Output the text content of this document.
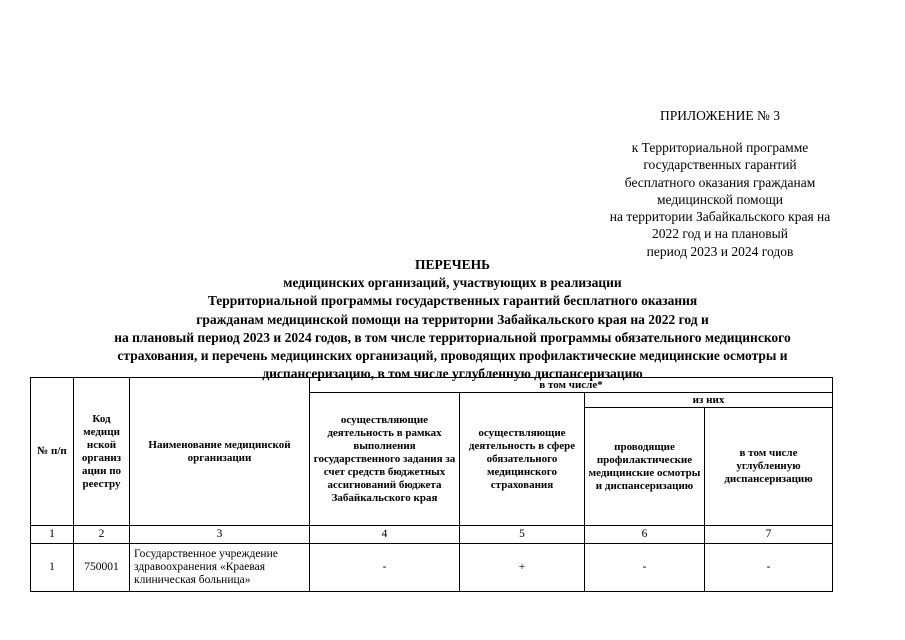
ПРИЛОЖЕНИЕ № 3
к Территориальной программе
государственных гарантий
бесплатного оказания гражданам
медицинской помощи
на территории Забайкальского края на
2022 год и на плановый
период 2023 и 2024 годов
ПЕРЕЧЕНЬ
медицинских организаций, участвующих в реализации
Территориальной программы государственных гарантий бесплатного оказания
гражданам медицинской помощи на территории Забайкальского края на 2022 год и
на плановый период 2023 и 2024 годов, в том числе территориальной программы обязательного медицинского
страхования, и перечень медицинских организаций, проводящих профилактические медицинские осмотры и
диспансеризацию, в том числе углубленную диспансеризацию
№ п/п	Код медици нской организ ации по реестру	Наименование медицинской организации	в том числе*			
			осуществляющие деятельность в рамках выполнения государственного задания за счет средств бюджетных ассигнований бюджета Забайкальского края	осуществляющие деятельность в сфере обязательного медицинского страхования	из них	
					проводящие профилактические медицинские осмотры и диспансеризацию	в том числе углубленную диспансеризацию
1	2	3	4	5	6	7
1	750001	Государственное учреждение здравоохранения «Краевая клиническая больница»	-	+	-	-
